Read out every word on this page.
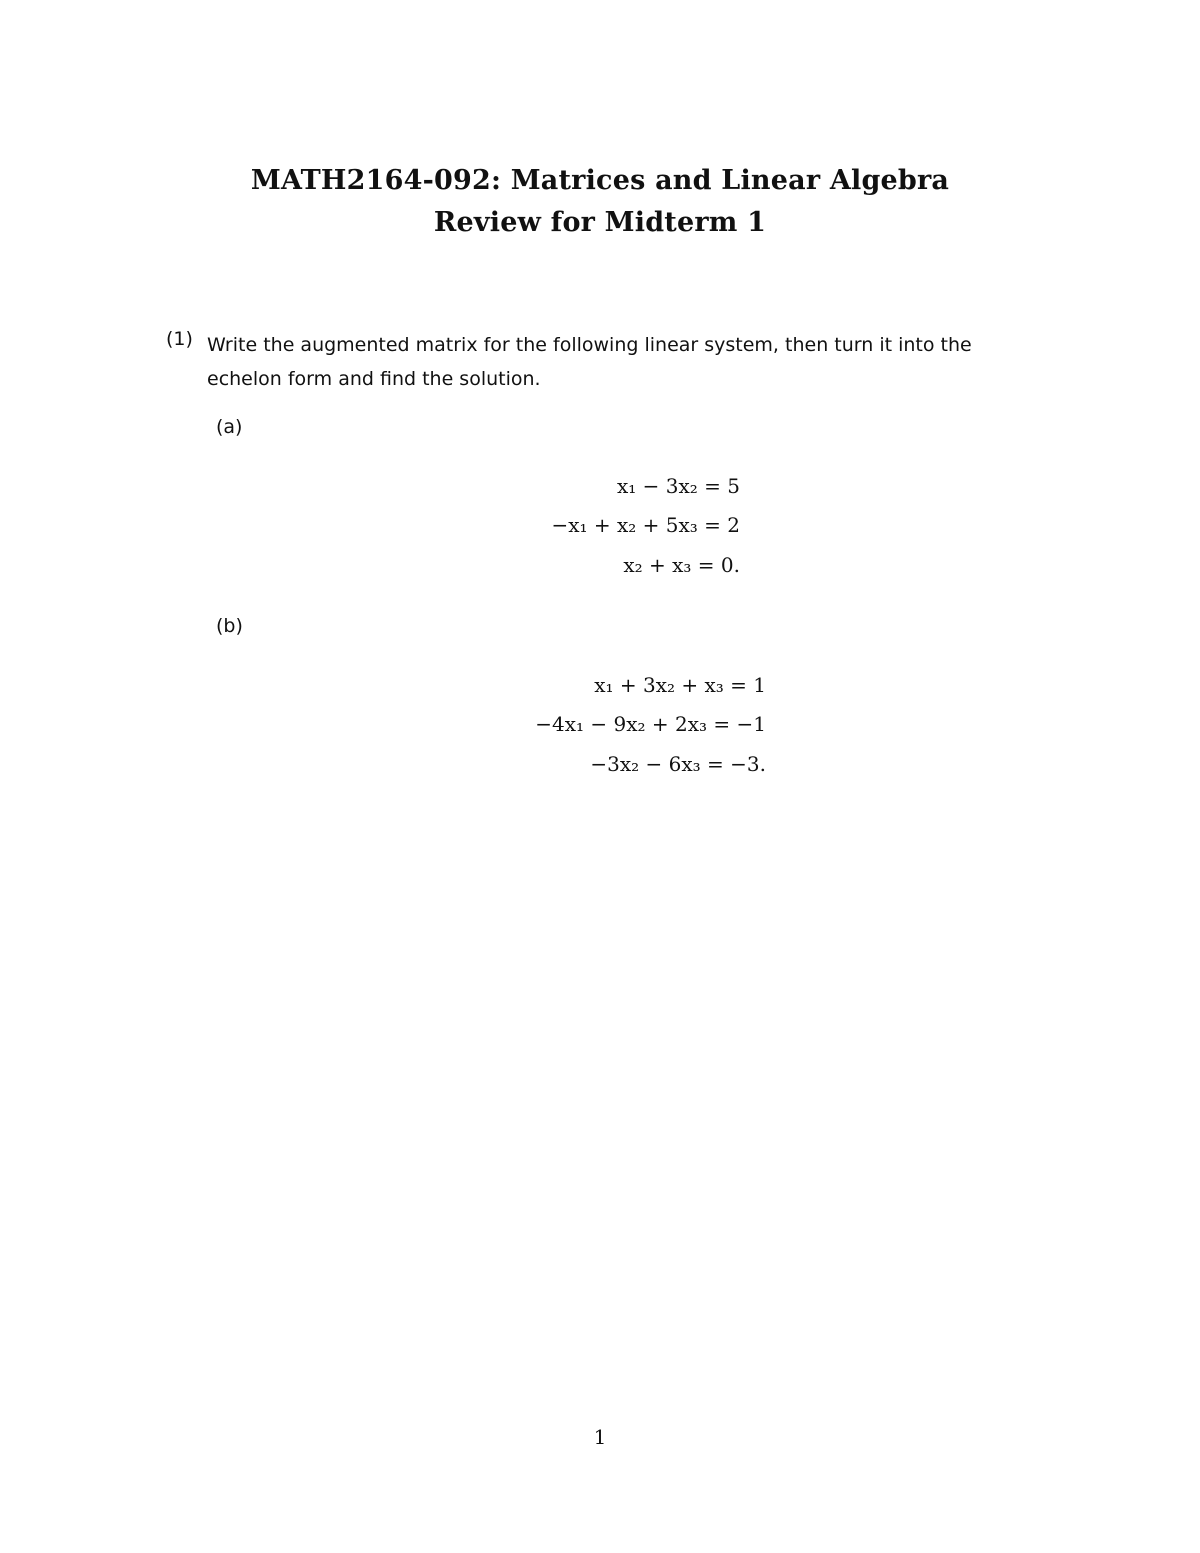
MATH2164-092: Matrices and Linear Algebra
Review for Midterm 1
(1) Write the augmented matrix for the following linear system, then turn it into the echelon form and find the solution.
(a)
x₁ − 3x₂ = 5
−x₁ + x₂ + 5x₃ = 2
x₂ + x₃ = 0.
(b)
x₁ + 3x₂ + x₃ = 1
−4x₁ − 9x₂ + 2x₃ = −1
−3x₂ − 6x₃ = −3.
1
